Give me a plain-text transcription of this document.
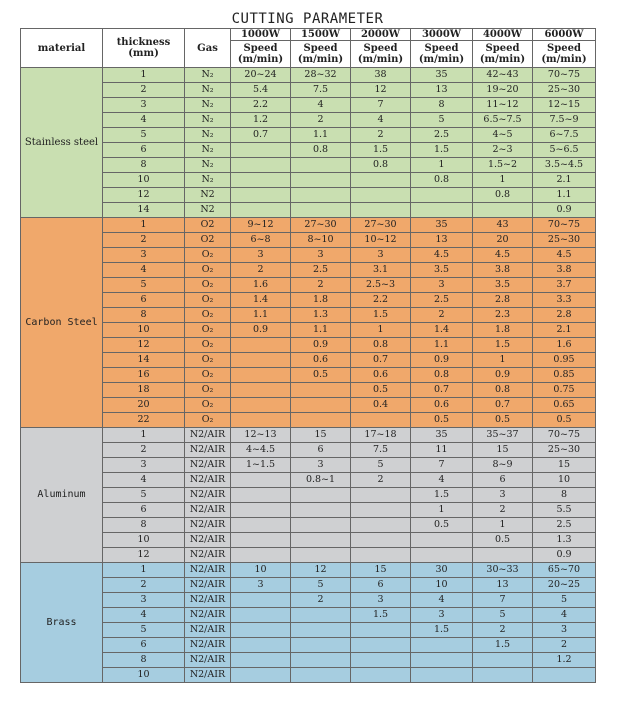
CUTTING PARAMETER
material	thickness (mm)	Gas	1000W	1500W	2000W	3000W	4000W	6000W
			Speed (m/min)	Speed (m/min)	Speed (m/min)	Speed (m/min)	Speed (m/min)	Speed (m/min)
Stainless steel	1	N₂	20~24	28~32	38	35	42~43	70~75
	2	N₂	5.4	7.5	12	13	19~20	25~30
	3	N₂	2.2	4	7	8	11~12	12~15
	4	N₂	1.2	2	4	5	6.5~7.5	7.5~9
	5	N₂	0.7	1.1	2	2.5	4~5	6~7.5
	6	N₂		0.8	1.5	1.5	2~3	5~6.5
	8	N₂			0.8	1	1.5~2	3.5~4.5
	10	N₂				0.8	1	2.1
	12	N2					0.8	1.1
	14	N2						0.9
Carbon Steel	1	O2	9~12	27~30	27~30	35	43	70~75
	2	O2	6~8	8~10	10~12	13	20	25~30
	3	O₂	3	3	3	4.5	4.5	4.5
	4	O₂	2	2.5	3.1	3.5	3.8	3.8
	5	O₂	1.6	2	2.5~3	3	3.5	3.7
	6	O₂	1.4	1.8	2.2	2.5	2.8	3.3
	8	O₂	1.1	1.3	1.5	2	2.3	2.8
	10	O₂	0.9	1.1	1	1.4	1.8	2.1
	12	O₂		0.9	0.8	1.1	1.5	1.6
	14	O₂		0.6	0.7	0.9	1	0.95
	16	O₂		0.5	0.6	0.8	0.9	0.85
	18	O₂			0.5	0.7	0.8	0.75
	20	O₂			0.4	0.6	0.7	0.65
	22	O₂				0.5	0.5	0.5
Aluminum	1	N2/AIR	12~13	15	17~18	35	35~37	70~75
	2	N2/AIR	4~4.5	6	7.5	11	15	25~30
	3	N2/AIR	1~1.5	3	5	7	8~9	15
	4	N2/AIR		0.8~1	2	4	6	10
	5	N2/AIR				1.5	3	8
	6	N2/AIR				1	2	5.5
	8	N2/AIR				0.5	1	2.5
	10	N2/AIR					0.5	1.3
	12	N2/AIR						0.9
Brass	1	N2/AIR	10	12	15	30	30~33	65~70
	2	N2/AIR	3	5	6	10	13	20~25
	3	N2/AIR		2	3	4	7	5
	4	N2/AIR			1.5	3	5	4
	5	N2/AIR				1.5	2	3
	6	N2/AIR					1.5	2
	8	N2/AIR						1.2
	10	N2/AIR						
